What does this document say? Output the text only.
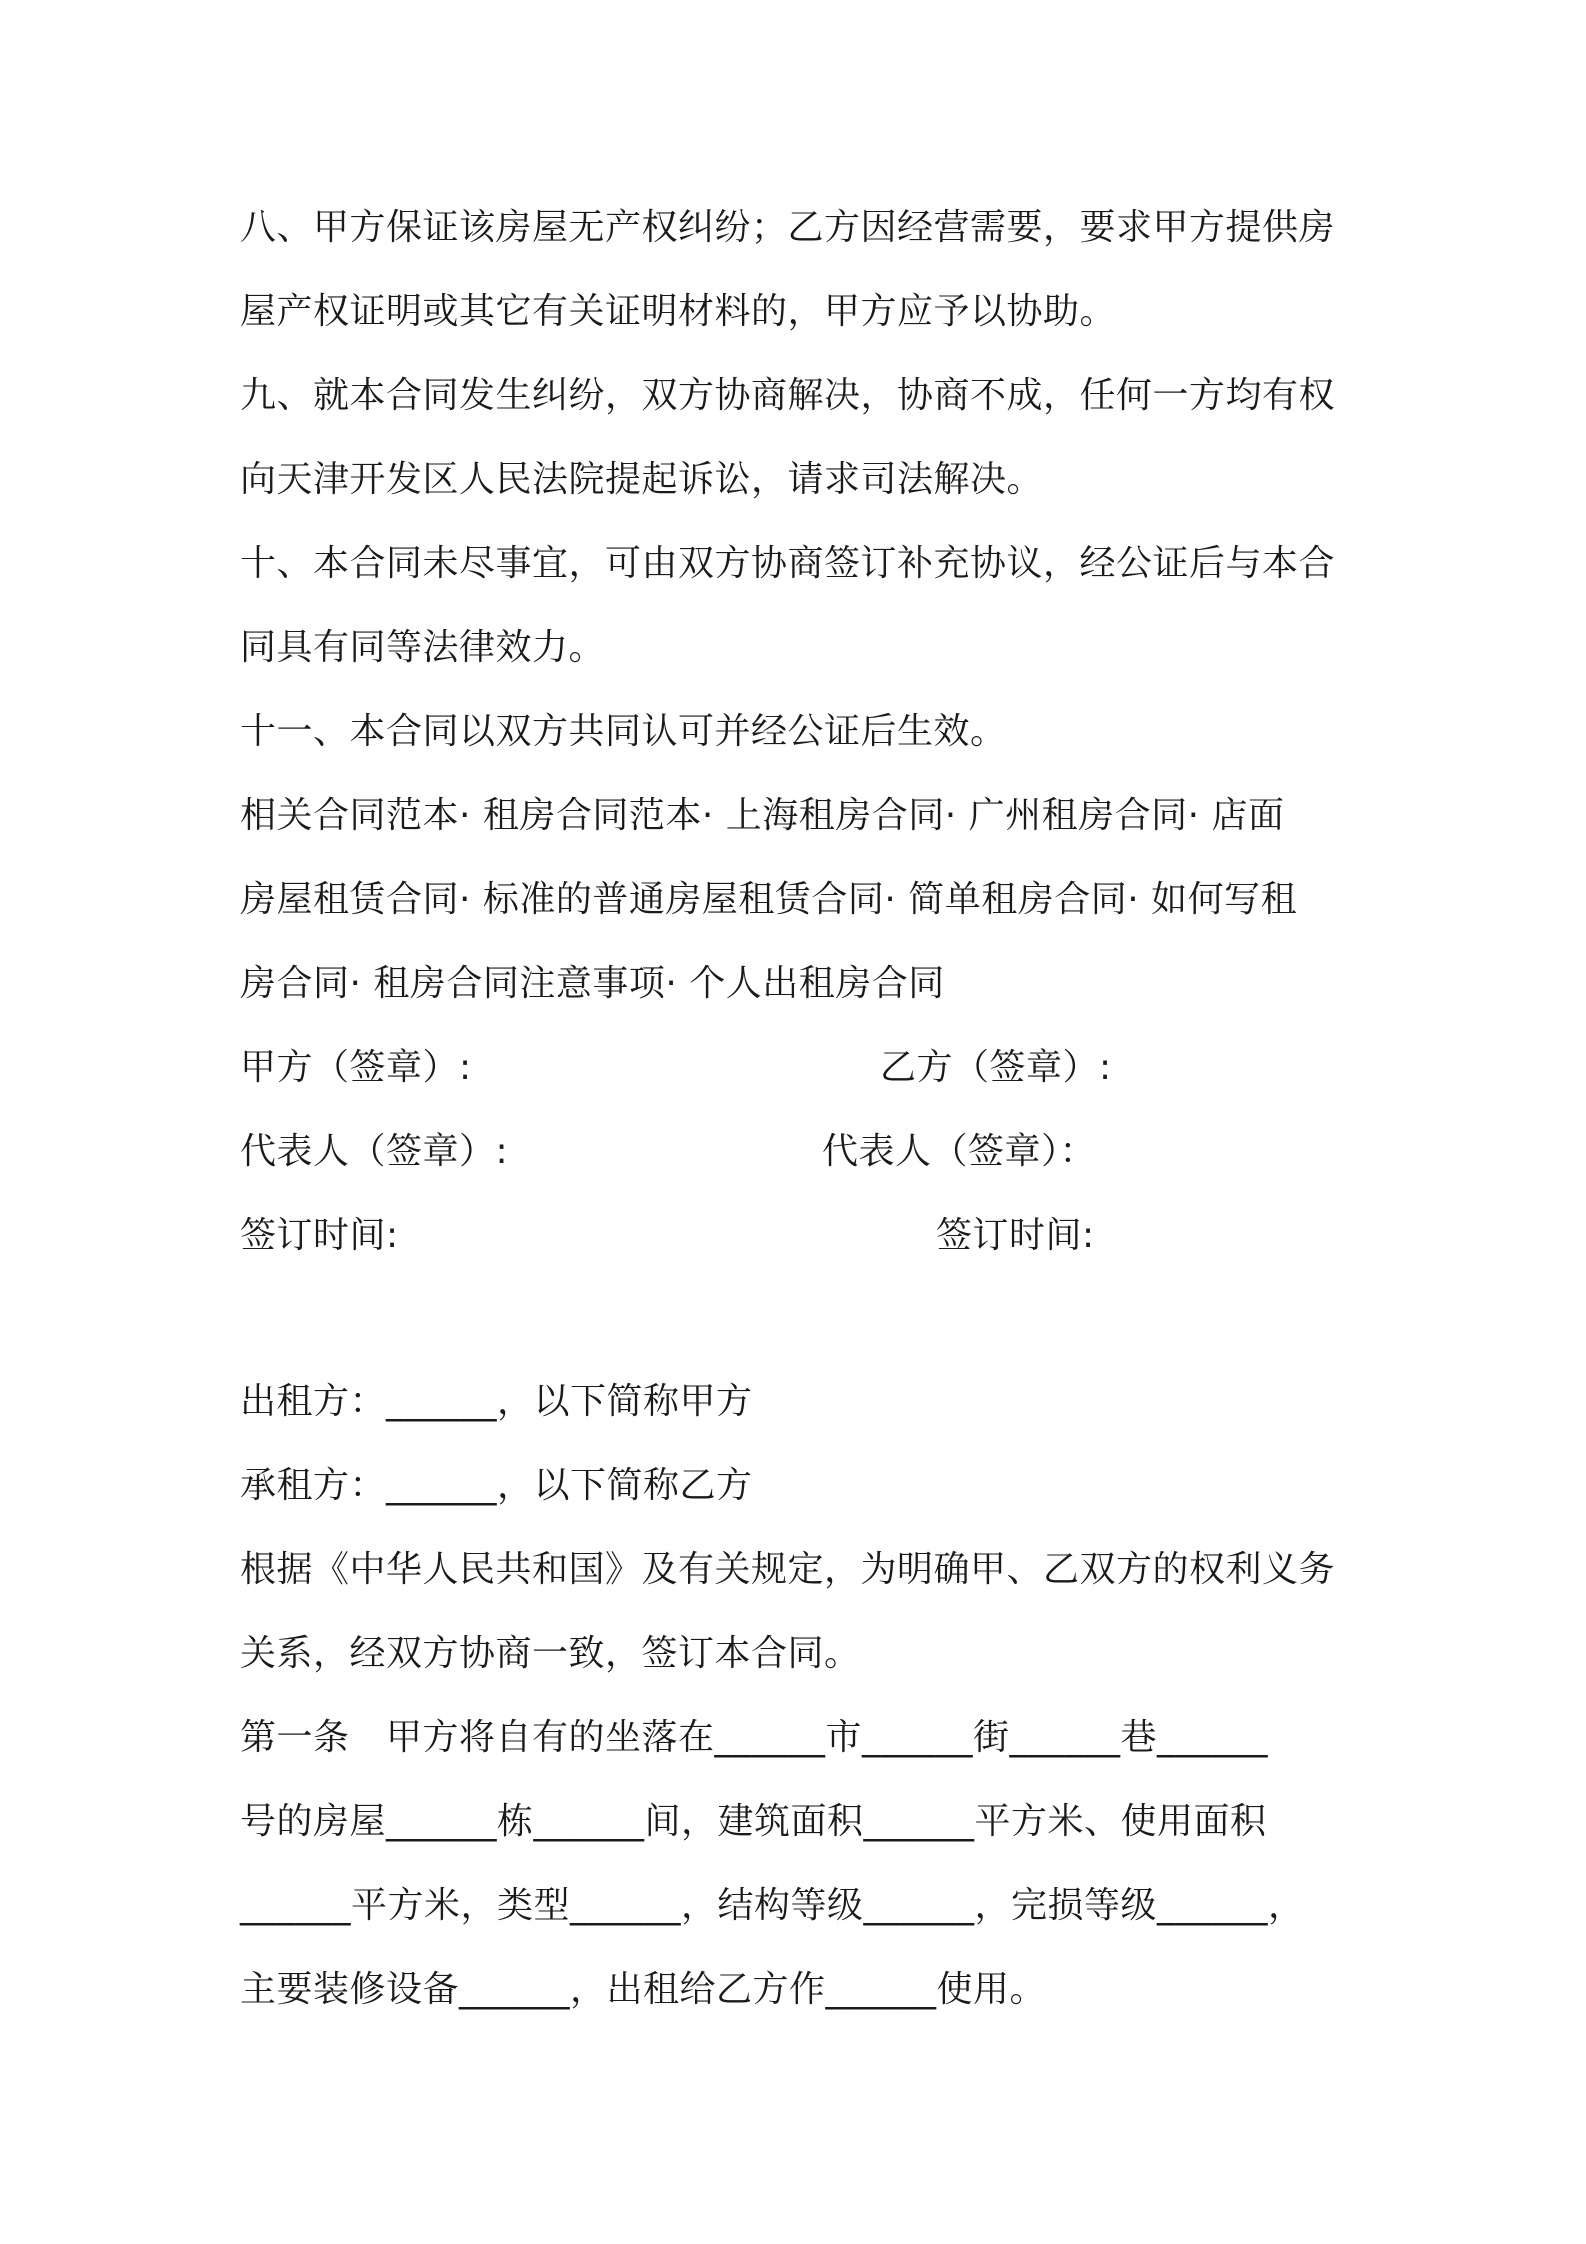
八、甲方保证该房屋无产权纠纷；乙方因经营需要，要求甲方提供房
屋产权证明或其它有关证明材料的，甲方应予以协助。
九、就本合同发生纠纷，双方协商解决，协商不成，任何一方均有权
向天津开发区人民法院提起诉讼，请求司法解决。
十、本合同未尽事宜，可由双方协商签订补充协议，经公证后与本合
同具有同等法律效力。
十一、本合同以双方共同认可并经公证后生效。
相关合同范本· 租房合同范本· 上海租房合同· 广州租房合同· 店面
房屋租赁合同· 标准的普通房屋租赁合同· 简单租房合同· 如何写租
房合同· 租房合同注意事项· 个人出租房合同
甲方（签章）:	乙方（签章）:
代表人（签章）:	代表人（签章）：
签订时间:	签订时间:
出租方：______，以下简称甲方
承租方：______，以下简称乙方
根据《中华人民共和国》及有关规定，为明确甲、乙双方的权利义务
关系，经双方协商一致，签订本合同。
第一条　甲方将自有的坐落在______市______街______巷______
号的房屋______栋______间，建筑面积______平方米、使用面积
______平方米，类型______，结构等级______，完损等级______，
主要装修设备______，出租给乙方作______使用。
